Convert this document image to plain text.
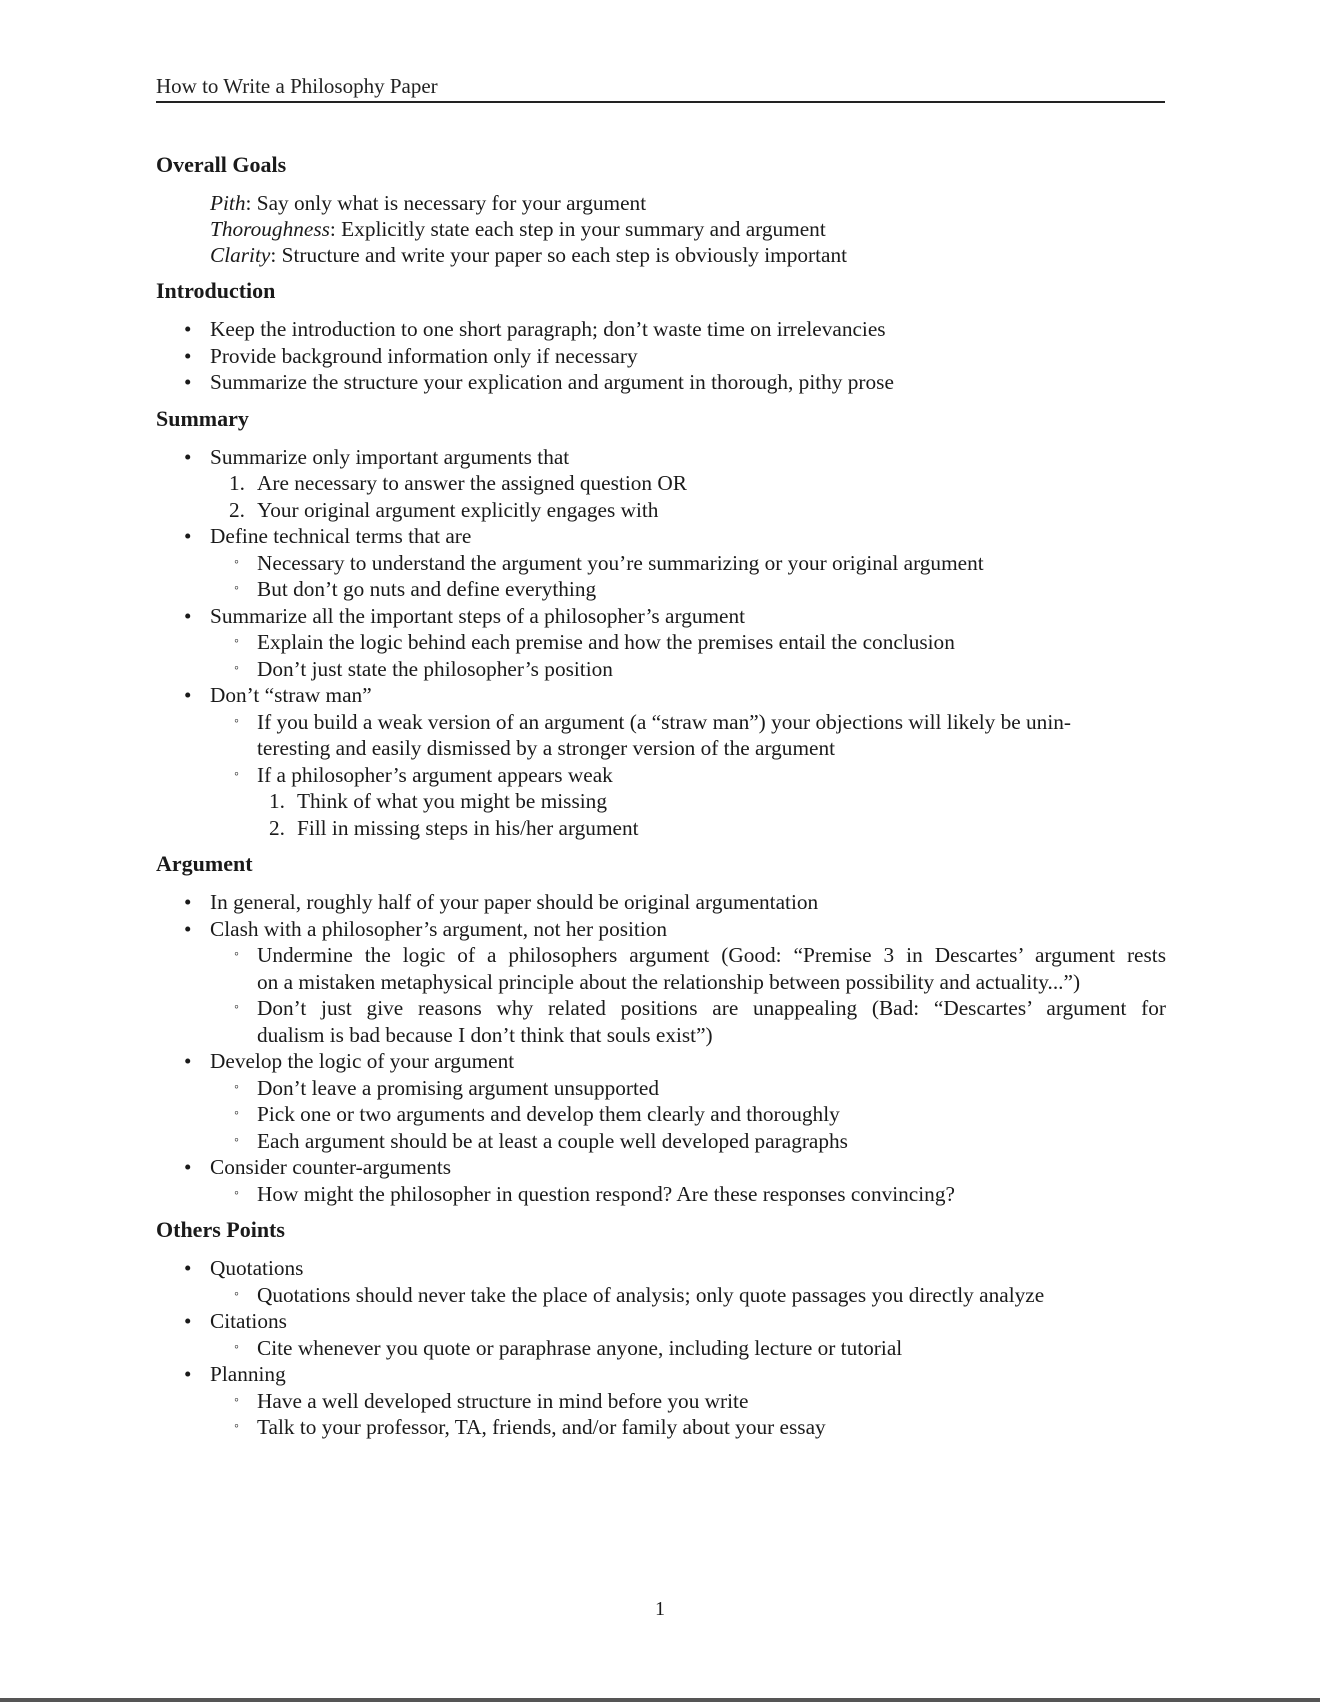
How to Write a Philosophy Paper
Overall Goals
Pith: Say only what is necessary for your argument
Thoroughness: Explicitly state each step in your summary and argument
Clarity: Structure and write your paper so each step is obviously important
Introduction
• Keep the introduction to one short paragraph; don’t waste time on irrelevancies
• Provide background information only if necessary
• Summarize the structure your explication and argument in thorough, pithy prose
Summary
• Summarize only important arguments that
1. Are necessary to answer the assigned question OR
2. Your original argument explicitly engages with
• Define technical terms that are
◦ Necessary to understand the argument you’re summarizing or your original argument
◦ But don’t go nuts and define everything
• Summarize all the important steps of a philosopher’s argument
◦ Explain the logic behind each premise and how the premises entail the conclusion
◦ Don’t just state the philosopher’s position
• Don’t “straw man”
◦ If you build a weak version of an argument (a “straw man”) your objections will likely be unin-
teresting and easily dismissed by a stronger version of the argument
◦ If a philosopher’s argument appears weak
1. Think of what you might be missing
2. Fill in missing steps in his/her argument
Argument
• In general, roughly half of your paper should be original argumentation
• Clash with a philosopher’s argument, not her position
◦ Undermine the logic of a philosophers argument (Good: “Premise 3 in Descartes’ argument rests
on a mistaken metaphysical principle about the relationship between possibility and actuality...”)
◦ Don’t just give reasons why related positions are unappealing (Bad: “Descartes’ argument for
dualism is bad because I don’t think that souls exist”)
• Develop the logic of your argument
◦ Don’t leave a promising argument unsupported
◦ Pick one or two arguments and develop them clearly and thoroughly
◦ Each argument should be at least a couple well developed paragraphs
• Consider counter-arguments
◦ How might the philosopher in question respond? Are these responses convincing?
Others Points
• Quotations
◦ Quotations should never take the place of analysis; only quote passages you directly analyze
• Citations
◦ Cite whenever you quote or paraphrase anyone, including lecture or tutorial
• Planning
◦ Have a well developed structure in mind before you write
◦ Talk to your professor, TA, friends, and/or family about your essay
1
